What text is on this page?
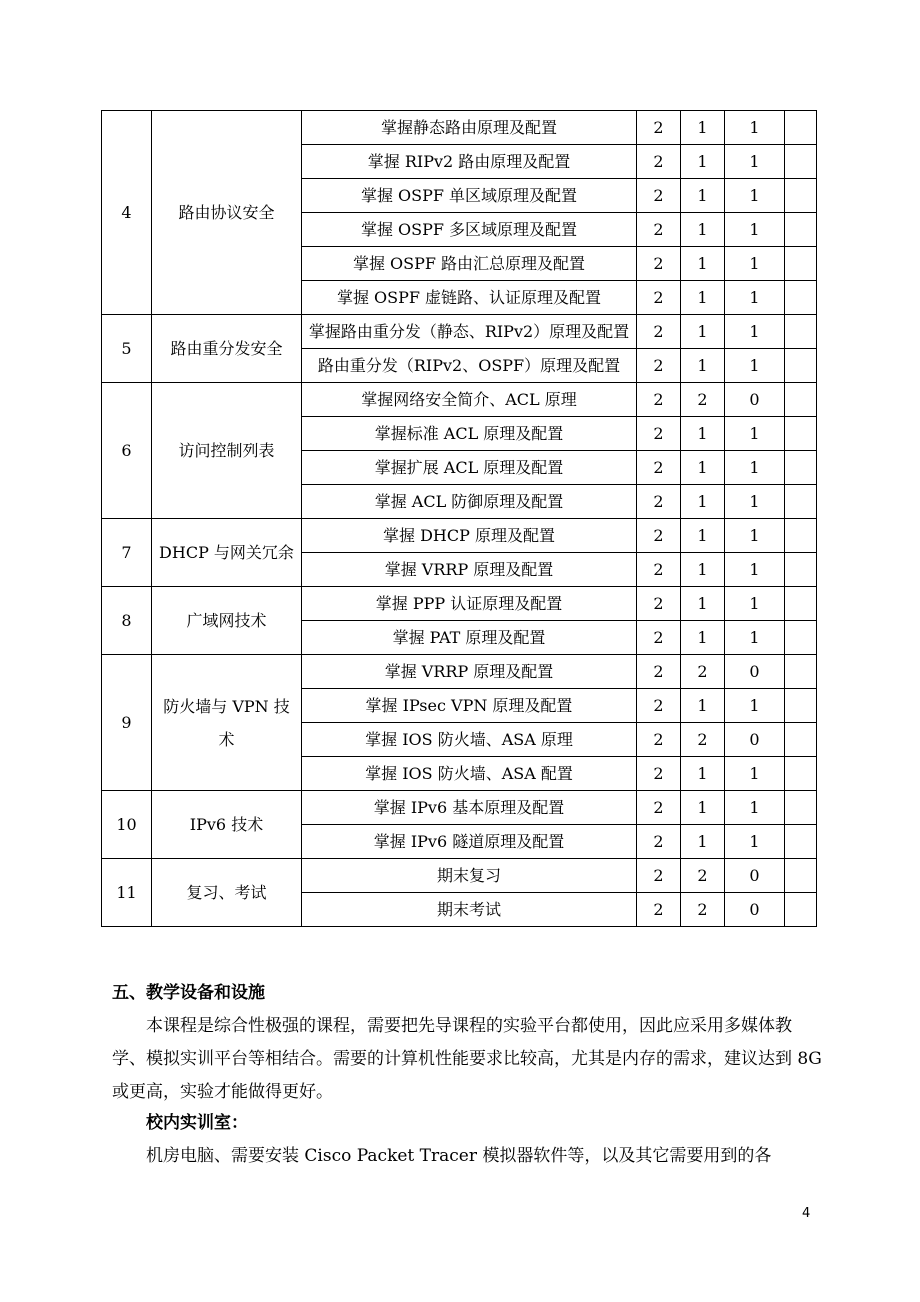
4	路由协议安全	掌握静态路由原理及配置	2	1	1	
		掌握 RIPv2 路由原理及配置	2	1	1	
		掌握 OSPF 单区域原理及配置	2	1	1	
		掌握 OSPF 多区域原理及配置	2	1	1	
		掌握 OSPF 路由汇总原理及配置	2	1	1	
		掌握 OSPF 虚链路、认证原理及配置	2	1	1	
5	路由重分发安全	掌握路由重分发（静态、RIPv2）原理及配置	2	1	1	
		路由重分发（RIPv2、OSPF）原理及配置	2	1	1	
6	访问控制列表	掌握网络安全简介、ACL 原理	2	2	0	
		掌握标准 ACL 原理及配置	2	1	1	
		掌握扩展 ACL 原理及配置	2	1	1	
		掌握 ACL 防御原理及配置	2	1	1	
7	DHCP 与网关冗余	掌握 DHCP 原理及配置	2	1	1	
		掌握 VRRP 原理及配置	2	1	1	
8	广域网技术	掌握 PPP 认证原理及配置	2	1	1	
		掌握 PAT 原理及配置	2	1	1	
9	防火墙与 VPN 技术	掌握 VRRP 原理及配置	2	2	0	
		掌握 IPsec VPN 原理及配置	2	1	1	
		掌握 IOS 防火墙、ASA 原理	2	2	0	
		掌握 IOS 防火墙、ASA 配置	2	1	1	
10	IPv6 技术	掌握 IPv6 基本原理及配置	2	1	1	
		掌握 IPv6 隧道原理及配置	2	1	1	
11	复习、考试	期末复习	2	2	0	
		期末考试	2	2	0	
五、教学设备和设施
本课程是综合性极强的课程，需要把先导课程的实验平台都使用，因此应采用多媒体教学、模拟实训平台等相结合。需要的计算机性能要求比较高，尤其是内存的需求，建议达到 8G 或更高，实验才能做得更好。
校内实训室：
机房电脑、需要安装 Cisco Packet Tracer 模拟器软件等，以及其它需要用到的各
4
